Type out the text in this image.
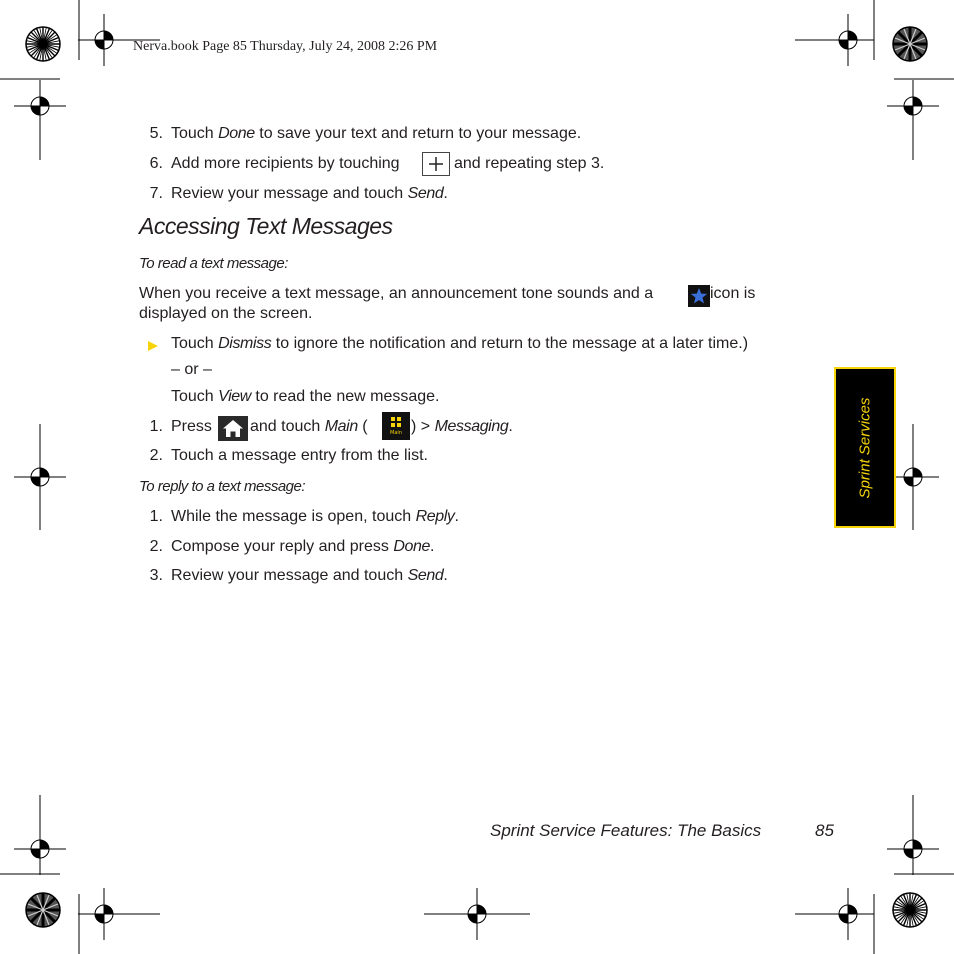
Nerva.book Page 85 Thursday, July 24, 2008 2:26 PM
5. Touch Done to save your text and return to your message.
6. Add more recipients by touching	and repeating step 3.
7. Review your message and touch Send.
Accessing Text Messages
To read a text message:
When you receive a text message, an announcement tone sounds and a	icon is
displayed on the screen.
Touch Dismiss to ignore the notification and return to the message at a later time.)
– or –
Touch View to read the new message.
1. Press and touch Main (	) > Messaging.
Main
2. Touch a message entry from the list.
To reply to a text message:
1. While the message is open, touch Reply.
2. Compose your reply and press Done.
3. Review your message and touch Send.
Sprint Services
Sprint Service Features: The Basics	85
